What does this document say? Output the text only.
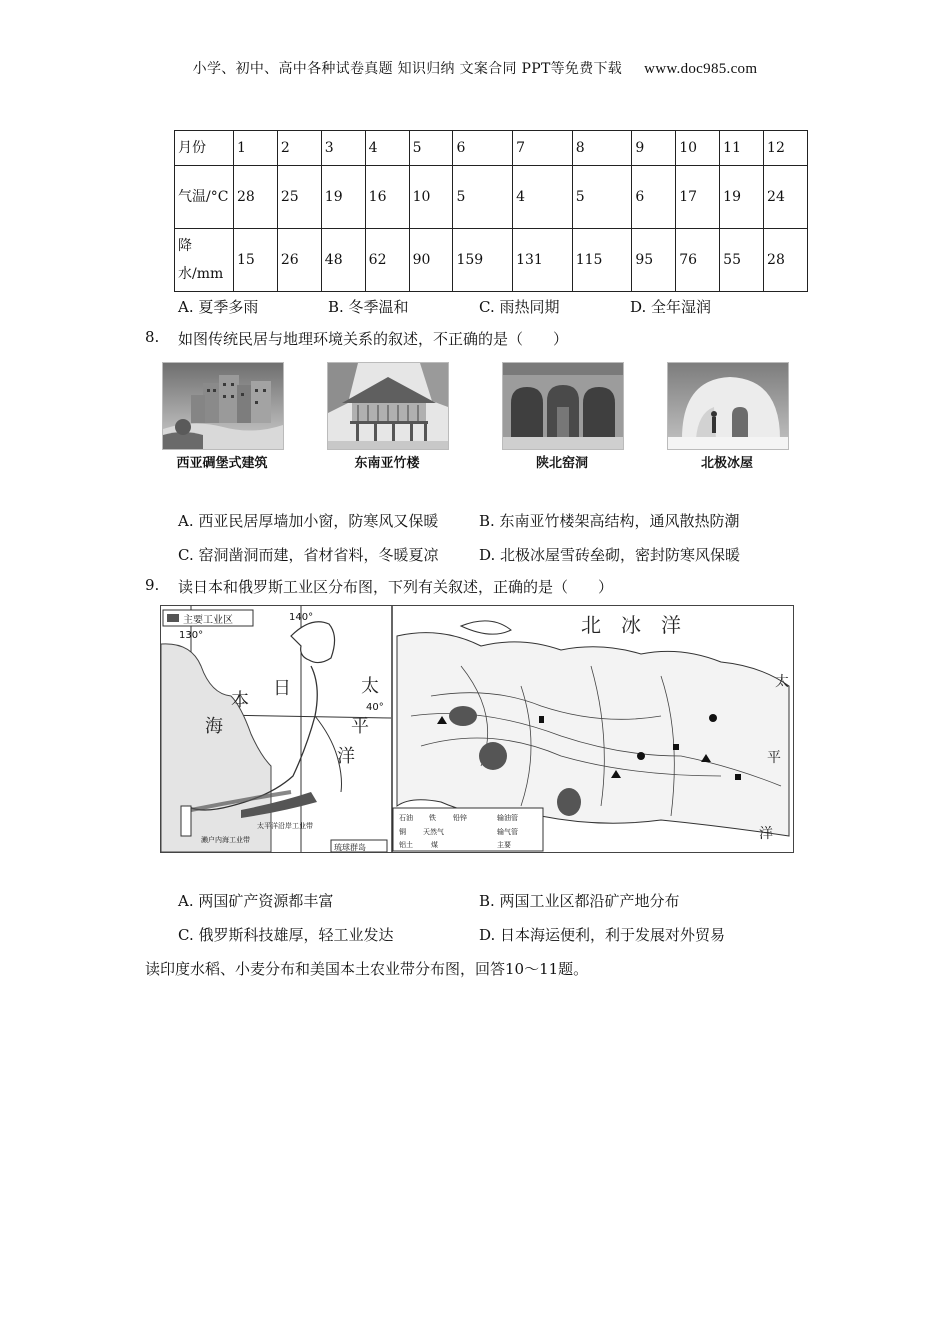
小学、初中、高中各种试卷真题 知识归纳 文案合同 PPT等免费下载 www.doc985.com
月份	1	2	3	4	5	6	7	8	9	10	11	12
气温/°C	28	25	19	16	10	5	4	5	6	17	19	24
降水/mm	15	26	48	62	90	159	131	115	95	76	55	28
A. 夏季多雨	B. 冬季温和	C. 雨热同期	D. 全年湿润
8. 如图传统民居与地理环境关系的叙述，不正确的是（　　）
西亚碉堡式建筑	东南亚竹楼	陕北窑洞	北极冰屋
A. 西亚民居厚墙加小窗，防寒风又保暖	B. 东南亚竹楼架高结构，通风散热防潮
C. 窑洞凿洞而建，省材省料，冬暖夏凉	D. 北极冰屋雪砖垒砌，密封防寒风保暖
9. 读日本和俄罗斯工业区分布图，下列有关叙述，正确的是（　　）
主要工业区
130°
140°
40°
本
日
海
太
平
洋
太平洋沿岸工业带
濑户内海工业带
琉球群岛
北　冰　洋
太
平
洋
石油 铁 铅锌
铜 天然气
铝土	煤
输油管
输气管
主要
A. 两国矿产资源都丰富	B. 两国工业区都沿矿产地分布
C. 俄罗斯科技雄厚，轻工业发达	D. 日本海运便利，利于发展对外贸易
读印度水稻、小麦分布和美国本土农业带分布图，回答10～11题。
